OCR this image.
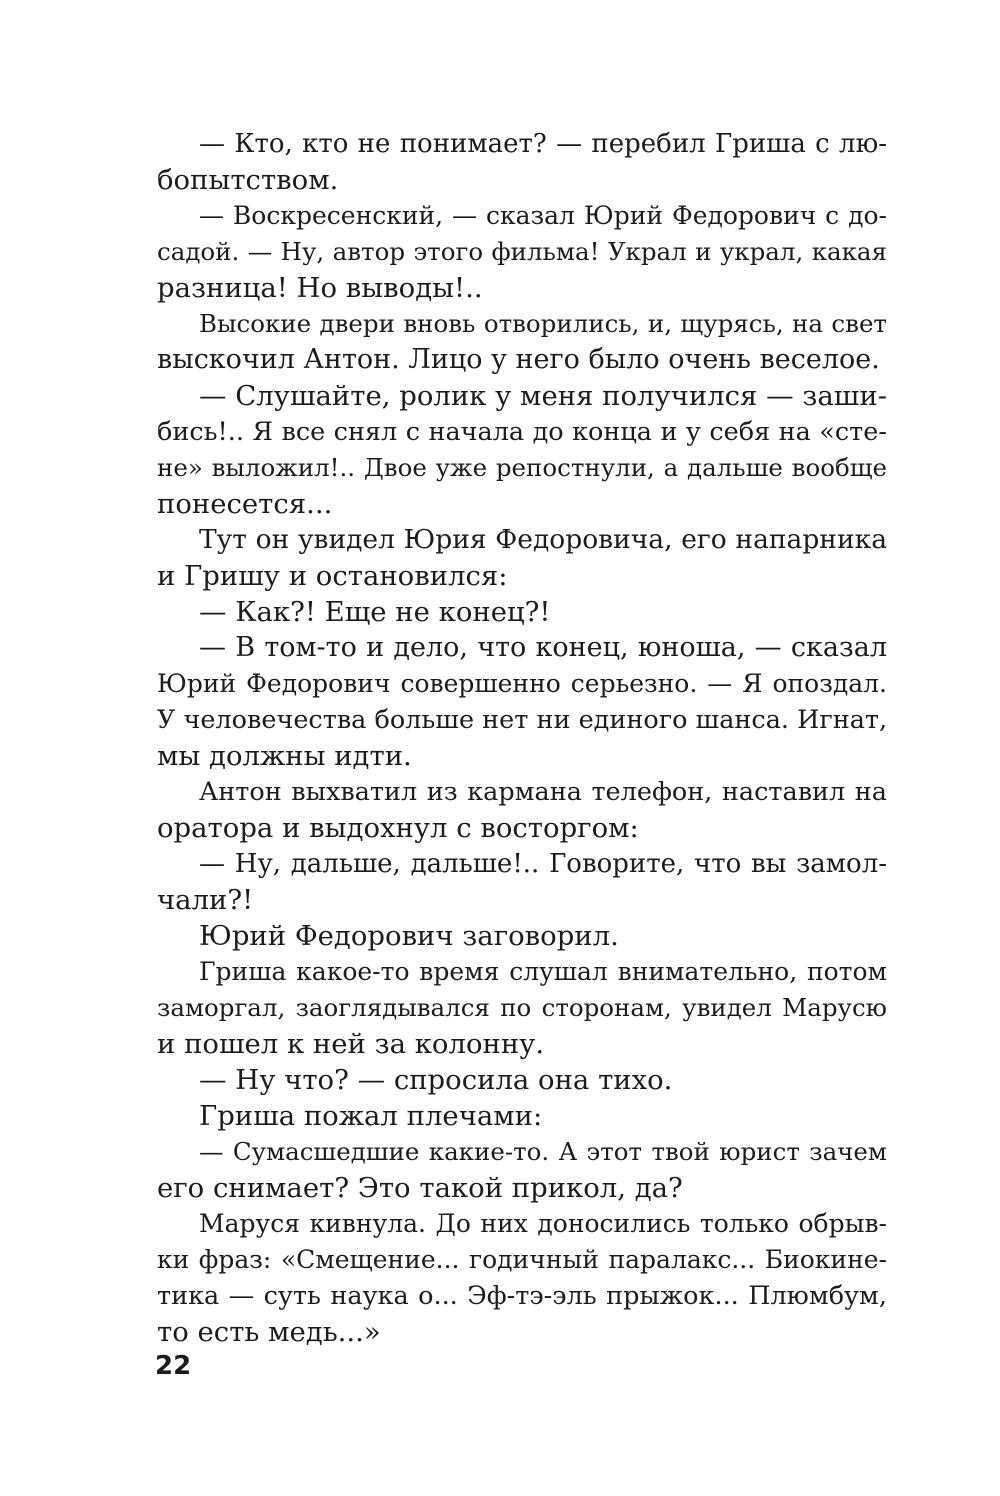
— Кто, кто не понимает? — перебил Гриша с лю-
бопытством.
— Воскресенский, — сказал Юрий Федорович с до-
садой. — Ну, автор этого фильма! Украл и украл, какая
разница! Но выводы!..
Высокие двери вновь отворились, и, щурясь, на свет
выскочил Антон. Лицо у него было очень веселое.
— Слушайте, ролик у меня получился — заши-
бись!.. Я все снял с начала до конца и у себя на «сте-
не» выложил!.. Двое уже репостнули, а дальше вообще
понесется...
Тут он увидел Юрия Федоровича, его напарника
и Гришу и остановился:
— Как?! Еще не конец?!
— В том-то и дело, что конец, юноша, — сказал
Юрий Федорович совершенно серьезно. — Я опоздал.
У человечества больше нет ни единого шанса. Игнат,
мы должны идти.
Антон выхватил из кармана телефон, наставил на
оратора и выдохнул с восторгом:
— Ну, дальше, дальше!.. Говорите, что вы замол-
чали?!
Юрий Федорович заговорил.
Гриша какое-то время слушал внимательно, потом
заморгал, заоглядывался по сторонам, увидел Марусю
и пошел к ней за колонну.
— Ну что? — спросила она тихо.
Гриша пожал плечами:
— Сумасшедшие какие-то. А этот твой юрист зачем
его снимает? Это такой прикол, да?
Маруся кивнула. До них доносились только обрыв-
ки фраз: «Смещение... годичный паралакс... Биокине-
тика — суть наука о... Эф-тэ-эль прыжок... Плюмбум,
то есть медь...»
22
